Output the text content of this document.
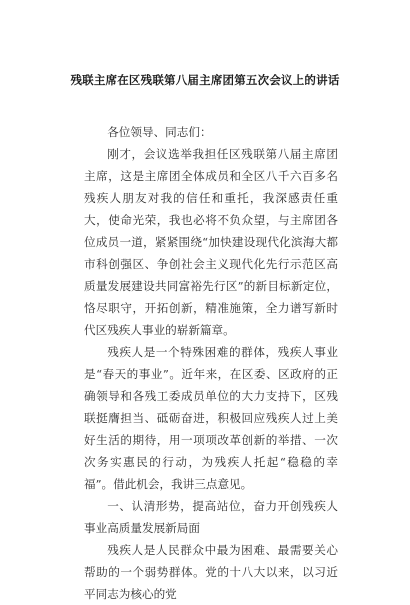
残联主席在区残联第八届主席团第五次会议上的讲话

各位领导、同志们：

刚才，会议选举我担任区残联第八届主席团主席，这是主席团全体成员和全区八千六百多名残疾人朋友对我的信任和重托，我深感责任重大，使命光荣，我也必将不负众望，与主席团各位成员一道，紧紧围绕“加快建设现代化滨海大都市科创强区、争创社会主义现代化先行示范区高质量发展建设共同富裕先行区”的新目标新定位，恪尽职守，开拓创新，精准施策，全力谱写新时代区残疾人事业的崭新篇章。

残疾人是一个特殊困难的群体，残疾人事业是“春天的事业”。近年来，在区委、区政府的正确领导和各残工委成员单位的大力支持下，区残联挺膺担当、砥砺奋进，积极回应残疾人过上美好生活的期待，用一项项改革创新的举措、一次次务实惠民的行动，为残疾人托起“稳稳的幸福”。借此机会，我讲三点意见。

一、认清形势，提高站位，奋力开创残疾人事业高质量发展新局面

残疾人是人民群众中最为困难、最需要关心帮助的一个弱势群体。党的十八大以来，以习近平同志为核心的党
